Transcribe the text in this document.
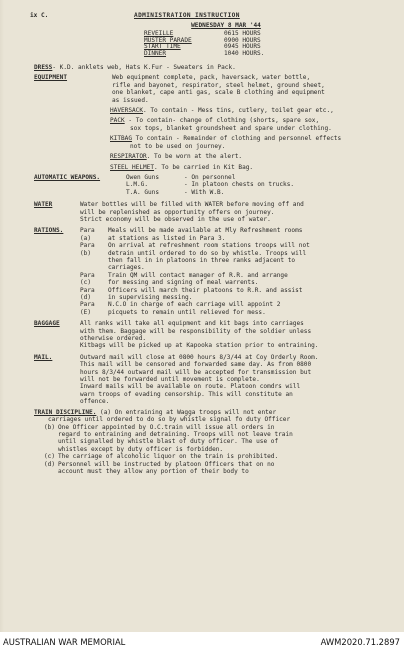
ix C.	ADMINISTRATION INSTRUCTION
WEDNESDAY 8 MAR '44
REVEILLE	0615 HOURS
MUSTER PARADE	0900 HOURS
START TIME	0945 HOURS
DINNER	1040 HOURS.
DRESS - K.D. anklets web, Hats K.Fur - Sweaters in Pack.
EQUIPMENT	Web equipment complete, pack, haversack, water bottle,
rifle and bayonet, respirator, steel helmet, ground sheet,
one blanket, cape anti gas, scale B clothing and equipment
as issued.
HAVERSACK. To contain - Mess tins, cutlery, toilet gear etc.,
PACK - To contain- change of clothing (shorts, spare sox,
sox tops, blanket groundsheet and spare under clothing.
KITBAG To contain - Remainder of clothing and personnel effects
not to be used on journey.
RESPIRATOR. To be worn at the alert.
STEEL HELMET. To be carried in Kit Bag.
AUTOMATIC WEAPONS.	Owen Guns	- On personnel
L.M.G.	- In platoon chests on trucks.
T.A. Guns	- With W.B.
WATER	Water bottles will be filled with WATER before moving off and
will be replenished as opportunity offers on journey.
Strict economy will be observed in the use of water.
RATIONS.	Para (a)
Meals will be made available at Mly Refreshment rooms
at stations as listed in Para 3.
Para (b)
On arrival at refreshment room stations troops will not
detrain until ordered to do so by whistle. Troops will
then fall in in platoons in three ranks adjacent to
carriages.
Para (c)
Train QM will contact manager of R.R. and arrange
for messing and signing of meal warrents.
Para (d)
Officers will march their platoons to R.R. and assist
in supervising messing.
Para (E)
N.C.O in charge of each carriage will appoint 2
picquets to remain until relieved for mess.
BAGGAGE	All ranks will take all equipment and kit bags into carriages
with them. Baggage will be responsibility of the soldier unless
otherwise ordered.
Kitbags will be picked up at Kapooka station prior to entraining.
MAIL.	Outward mail will close at 0800 hours 8/3/44 at Coy Orderly Room.
This mail will be censored and forwarded same day. As from 0800
hours 8/3/44 outward mail will be accepted for transmission but
will not be forwarded until movement is complete.
Inward mails will be available on route. Platoon comdrs will
warn troops of evading censorship. This will constitute an
offence.
TRAIN DISCIPLINE. (a) On entraining at Wagga troops will not enter
carriages until ordered to do so by whistle signal fo duty Officer
(b) One Officer appointed by O.C.train will issue all orders in
regard to entraining and detraining. Troops will not leave train
until signalled by whistle blast of duty officer. The use of
whistles except by duty officer is forbidden.
(c) The carriage of alcoholic liquor on the train is prohibited.
(d) Personnel will be instructed by platoon Officers that on no
account must they allow any portion of their body to
AUSTRALIAN WAR MEMORIAL	AWM2020.71.2897
